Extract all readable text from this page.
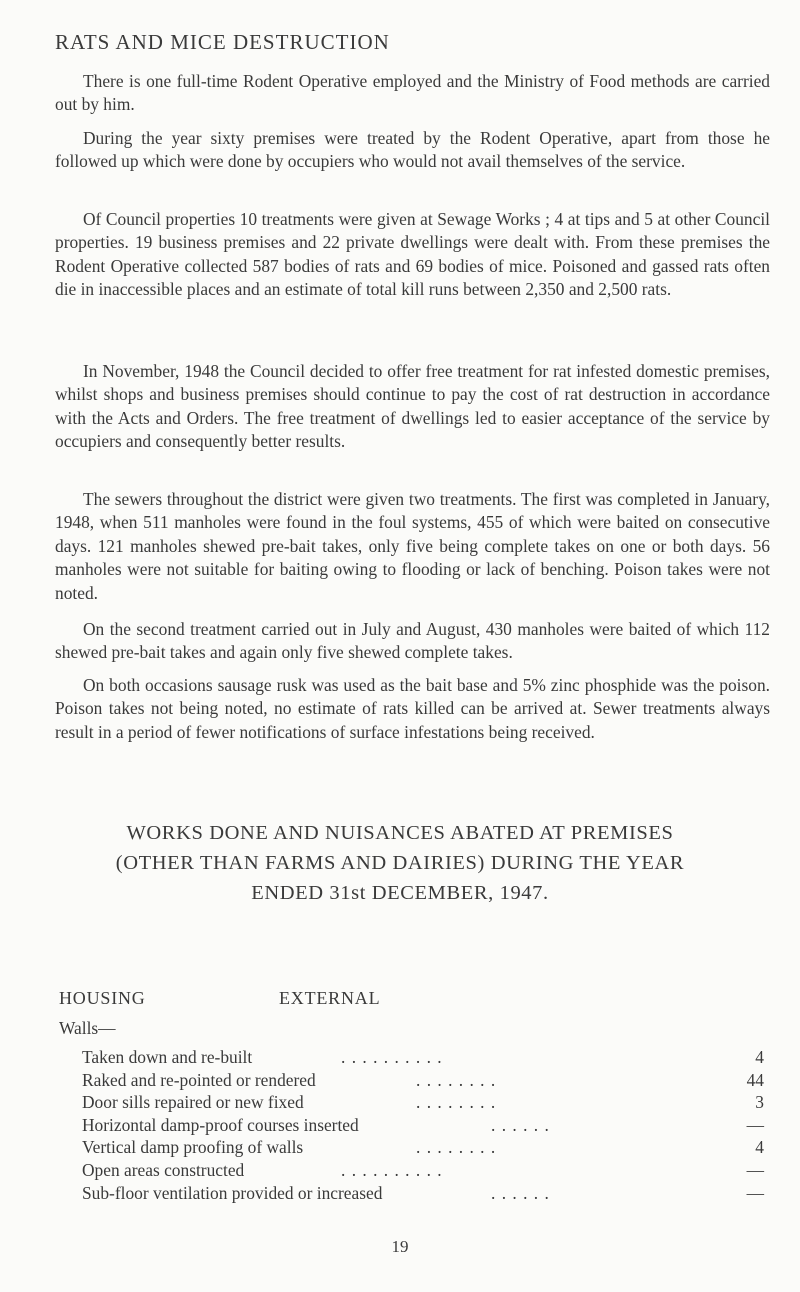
RATS AND MICE DESTRUCTION

There is one full-time Rodent Operative employed and the Ministry of Food methods are carried out by him.

During the year sixty premises were treated by the Rodent Operative, apart from those he followed up which were done by occupiers who would not avail themselves of the service.

Of Council properties 10 treatments were given at Sewage Works ; 4 at tips and 5 at other Council properties. 19 business premises and 22 private dwellings were dealt with. From these premises the Rodent Operative collected 587 bodies of rats and 69 bodies of mice. Poisoned and gassed rats often die in inaccessible places and an estimate of total kill runs between 2,350 and 2,500 rats.

In November, 1948 the Council decided to offer free treatment for rat infested domestic premises, whilst shops and business premises should continue to pay the cost of rat destruction in accordance with the Acts and Orders. The free treatment of dwellings led to easier acceptance of the service by occupiers and consequently better results.

The sewers throughout the district were given two treatments. The first was completed in January, 1948, when 511 manholes were found in the foul systems, 455 of which were baited on consecutive days. 121 manholes shewed pre-bait takes, only five being complete takes on one or both days. 56 manholes were not suitable for baiting owing to flooding or lack of benching. Poison takes were not noted.

On the second treatment carried out in July and August, 430 manholes were baited of which 112 shewed pre-bait takes and again only five shewed complete takes.

On both occasions sausage rusk was used as the bait base and 5% zinc phosphide was the poison. Poison takes not being noted, no estimate of rats killed can be arrived at. Sewer treatments always result in a period of fewer notifications of surface infestations being received.

WORKS DONE AND NUISANCES ABATED AT PREMISES
(OTHER THAN FARMS AND DAIRIES) DURING THE YEAR
ENDED 31st DECEMBER, 1947.
HOUSING	EXTERNAL
Walls—
Taken down and re-built	. . . . . . . . . .	4
Raked and re-pointed or rendered	. . . . . . . .	44
Door sills repaired or new fixed	. . . . . . . .	3
Horizontal damp-proof courses inserted	. . . . . .	—
Vertical damp proofing of walls	. . . . . . . .	4
Open areas constructed	. . . . . . . . . .	—
Sub-floor ventilation provided or increased	. . . . . .	—
19
